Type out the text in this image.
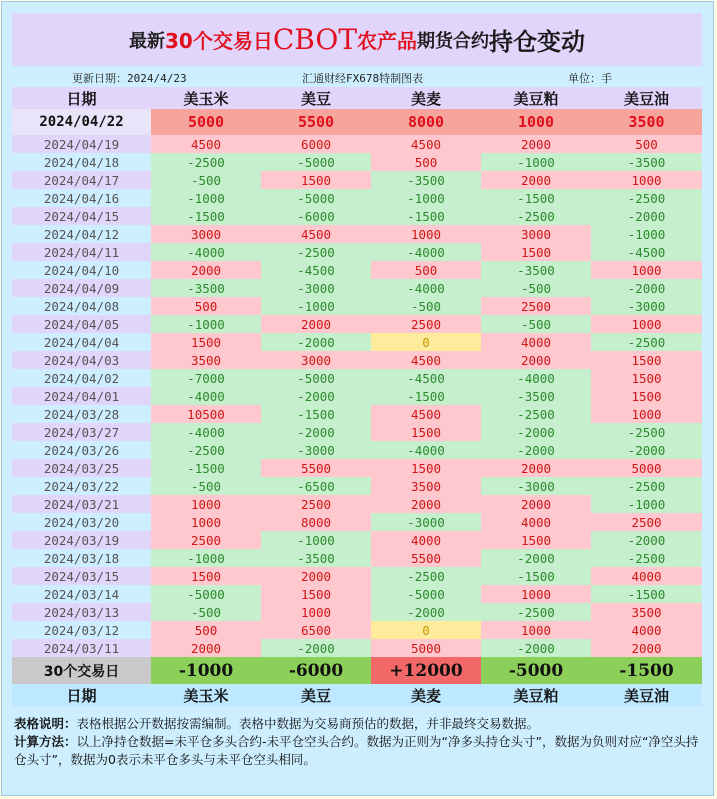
最新 30个交易日 CBOT 农产品 期货合约 持仓变动
更新日期：2024/4/23	汇通财经FX678特制图表	单位：手
日期	美玉米	美豆	美麦	美豆粕	美豆油
2024/04/22	5000	5500	8000	1000	3500
2024/04/19	4500	6000	4500	2000	500
2024/04/18	-2500	-5000	500	-1000	-3500
2024/04/17	-500	1500	-3500	2000	1000
2024/04/16	-1000	-5000	-1000	-1500	-2500
2024/04/15	-1500	-6000	-1500	-2500	-2000
2024/04/12	3000	4500	1000	3000	-1000
2024/04/11	-4000	-2500	-4000	1500	-4500
2024/04/10	2000	-4500	500	-3500	1000
2024/04/09	-3500	-3000	-4000	-500	-2000
2024/04/08	500	-1000	-500	2500	-3000
2024/04/05	-1000	2000	2500	-500	1000
2024/04/04	1500	-2000	0	4000	-2500
2024/04/03	3500	3000	4500	2000	1500
2024/04/02	-7000	-5000	-4500	-4000	1500
2024/04/01	-4000	-2000	-1500	-3500	1500
2024/03/28	10500	-1500	4500	-2500	1000
2024/03/27	-4000	-2000	1500	-2000	-2500
2024/03/26	-2500	-3000	-4000	-2000	-2000
2024/03/25	-1500	5500	1500	2000	5000
2024/03/22	-500	-6500	3500	-3000	-2500
2024/03/21	1000	2500	2000	2000	-1000
2024/03/20	1000	8000	-3000	4000	2500
2024/03/19	2500	-1000	4000	1500	-2000
2024/03/18	-1000	-3500	5500	-2000	-2500
2024/03/15	1500	2000	-2500	-1500	4000
2024/03/14	-5000	1500	-5000	1000	-1500
2024/03/13	-500	1000	-2000	-2500	3500
2024/03/12	500	6500	0	1000	4000
2024/03/11	2000	-2000	5000	-2000	2000
30个交易日	-1000	-6000	+12000	-5000	-1500
日期	美玉米	美豆	美麦	美豆粕	美豆油
表格说明：表格根据公开数据按需编制。表格中数据为交易商预估的数据，并非最终交易数据。
计算方法：以上净持仓数据=未平仓多头合约-未平仓空头合约。数据为正则为“净多头持仓头寸”，数据为负则对应“净空头持仓头寸”，数据为0表示未平仓多头与未平仓空头相同。
